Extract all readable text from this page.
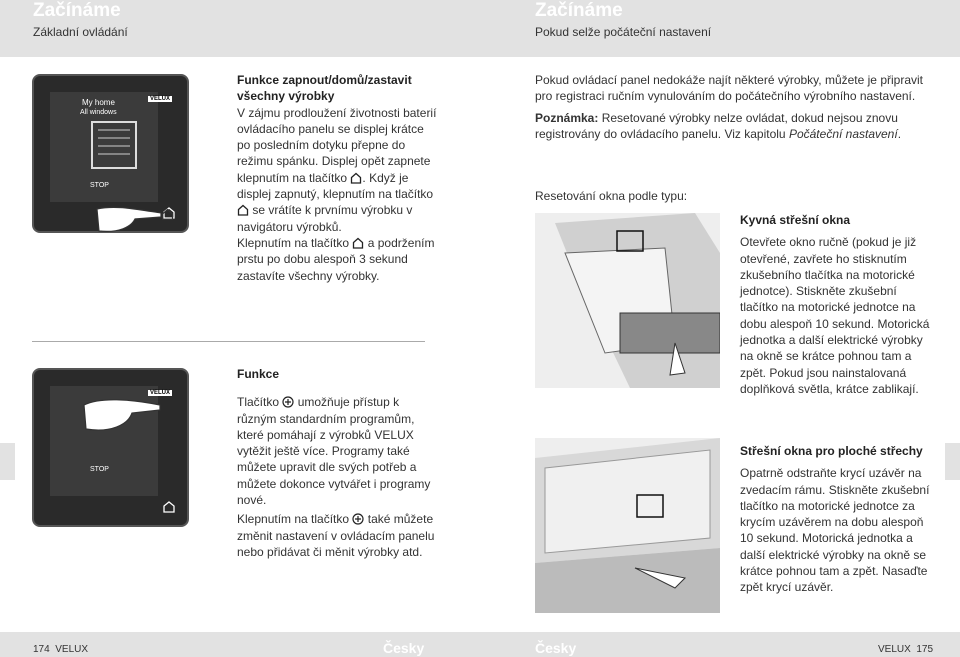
Začínáme
Základní ovládání
Začínáme
Pokud selže počáteční nastavení
My home
All windows
STOP
VELUX
Funkce zapnout/domů/zastavit všechny výrobky
V zájmu prodloužení životnosti baterií ovládacího panelu se displej krátce po posledním dotyku přepne do režimu spánku. Displej opět zapnete klepnutím na tlačítko . Když je displej zapnutý, klepnutím na tlačítko  se vrátíte k prvnímu výrobku v navigátoru výrobků.
Klepnutím na tlačítko a podržením prstu po dobu alespoň 3 sekund zastavíte všechny výrobky.
STOP
VELUX
Funkce
Tlačítko umožňuje přístup k různým standardním programům, které pomáhají z výrobků VELUX vytěžit ještě více. Programy také můžete upravit dle svých potřeb a můžete dokonce vytvářet i programy nové.
Klepnutím na tlačítko také můžete změnit nastavení v ovládacím panelu nebo přidávat či měnit výrobky atd.
Pokud ovládací panel nedokáže najít některé výrobky, můžete je připravit pro registraci ručním vynulováním do počátečního výrobního nastavení.
Poznámka: Resetované výrobky nelze ovládat, dokud nejsou znovu registrovány do ovládacího panelu. Viz kapitolu Počáteční nastavení.
Resetování okna podle typu:
Kyvná střešní okna
Otevřete okno ručně (pokud je již otevřené, zavřete ho stisknutím zkušebního tlačítka na motorické jednotce). Stiskněte zkušební tlačítko na motorické jednotce na dobu alespoň 10 sekund. Motorická jednotka a další elektrické výrobky na okně se krátce pohnou tam a zpět. Pokud jsou nainstalovaná doplňková světla, krátce zablikají.
Střešní okna pro ploché střechy
Opatrně odstraňte krycí uzávěr na zvedacím rámu. Stiskněte zkušební tlačítko na motorické jednotce za krycím uzávěrem na dobu alespoň 10 sekund. Motorická jednotka a další elektrické výrobky na okně se krátce pohnou tam a zpět. Nasaďte zpět krycí uzávěr.
174 VELUX	Česky	Česky	VELUX 175
